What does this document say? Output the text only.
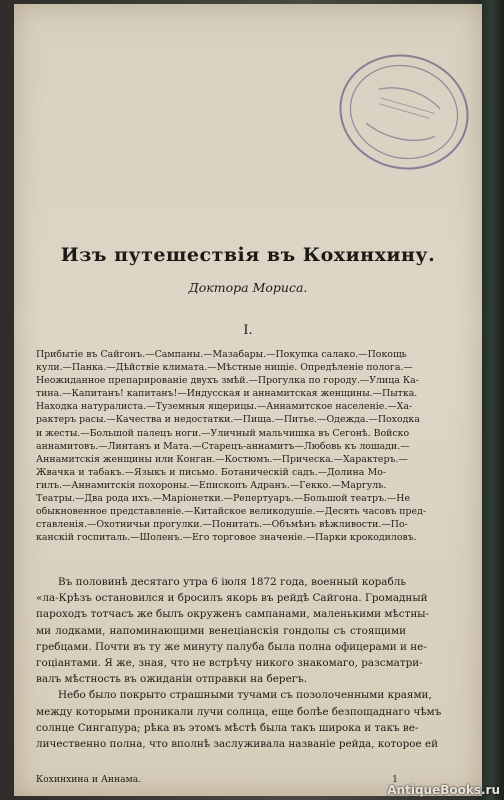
Изъ путешествія въ Кохинхину.
Доктора Мориса.
I.
Прибытіе въ Сайгонъ.—Сампаны.—Мазабары.—Покупка салако.—Покощь
кули.—Панка.—Дѣйствіе климата.—Мѣстные нищіе. Опредѣленіе пологa.—
Неожиданное препарированіе двухъ змѣй.—Прогулка по городу.—Улица Ка-
тина.—Капитанъ! капитанъ!—Индусская и аннамитская женщины.—Пытка.
Находка натуралиста.—Туземныя ящерицы.—Аннамитское населеніе.—Ха-
рактеръ расы.—Качества и недостатки.—Пища.—Питье.—Одежда.—Походка
и жесты.—Большой палецъ ноги.—Уличный мальчишка въ Сегонѣ. Войско
аннамитовъ.—Линтанъ и Мата.—Старецъ-аннамитъ—Любовь къ лошади.—
Аннамитскія женщины или Конган.—Костюмъ.—Прическа.—Характеръ.—
Жвачка и табакъ.—Языкъ и письмо. Ботаническій садъ.—Долина Мо-
гилъ.—Аннамитскія похороны.—Епископъ Адранъ.—Гекко.—Маргуль.
Театры.—Два рода ихъ.—Маріонетки.—Репертуаръ.—Большой театръ.—Не
обыкновенное представленіе.—Китайское великодушіе.—Десять часовъ пред-
ставленія.—Охотничьи прогулки.—Понитать.—Объмѣнъ вѣжливости.—По-
канскій госпиталь.—Шоленъ.—Его торговое значеніе.—Парки крокодиловъ.
Въ половинѣ десятаго утра 6 іюля 1872 года, военный корабль
«ла-Крѣзъ остановился и бросилъ якорь въ рейдѣ Сайгона. Громадный
пароходъ тотчасъ же былъ окруженъ сампанами, маленькими мѣстны-
ми лодками, напоминающими венеціанскія гондолы съ стоящими
гребцами. Почти въ ту же минуту палуба была полна офицерами и не-
гоціантами. Я же, зная, что не встрѣчу никого знакомаго, разсматри-
валъ мѣстность въ ожиданіи отправки на берегъ.
Небо было покрыто страшными тучами съ позолоченными краями,
между которыми проникали лучи солнца, еще болѣе безпощаднаго чѣмъ
солнце Сингапура; рѣка въ этомъ мѣстѣ была такъ широка и такъ ве-
личественно полна, что вполнѣ заслуживала названіе рейда, которое ей
Кохинхина и Аннама.	1
AntiqueBooks.ru
